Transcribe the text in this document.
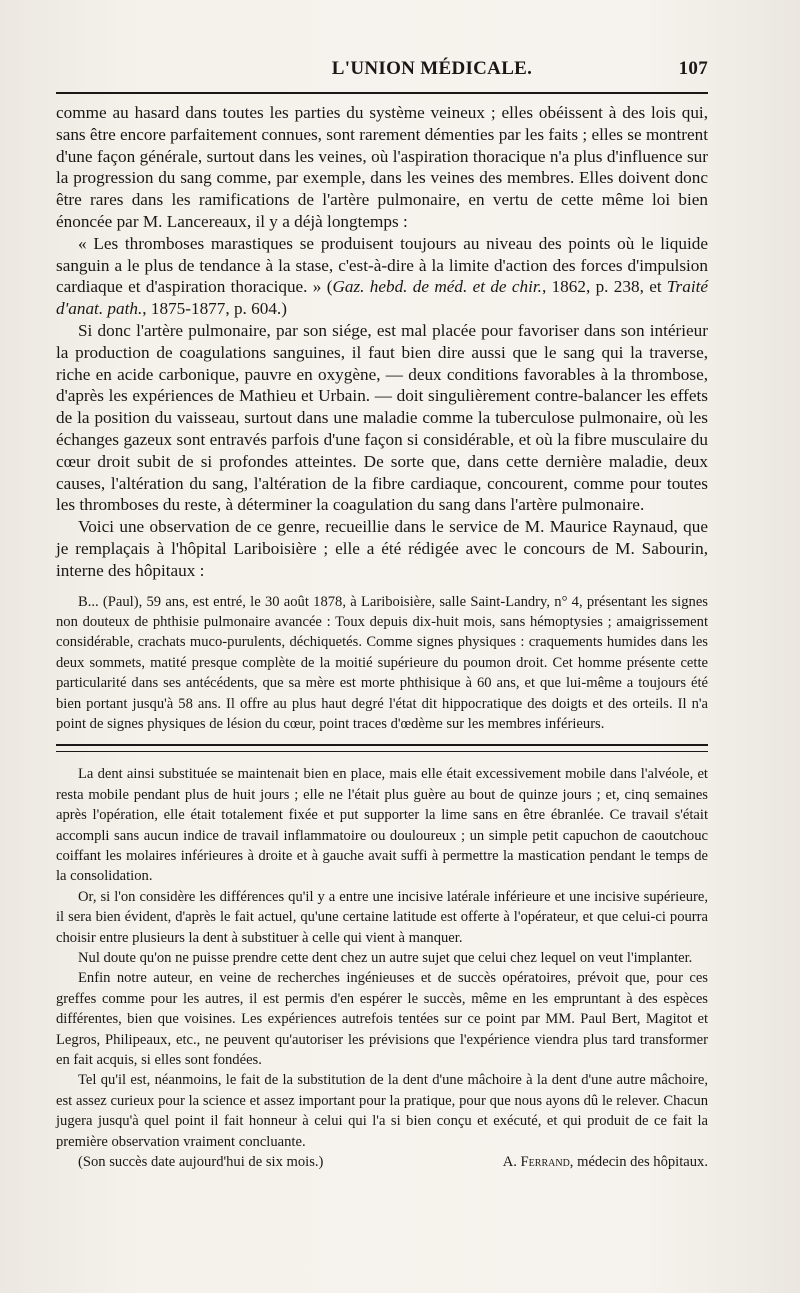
L'UNION MÉDICALE.	107

comme au hasard dans toutes les parties du système veineux ; elles obéissent à des lois qui, sans être encore parfaitement connues, sont rarement démenties par les faits ; elles se montrent d'une façon générale, surtout dans les veines, où l'aspiration thoracique n'a plus d'influence sur la progression du sang comme, par exemple, dans les veines des membres. Elles doivent donc être rares dans les ramifications de l'artère pulmonaire, en vertu de cette même loi bien énoncée par M. Lancereaux, il y a déjà longtemps :

« Les thromboses marastiques se produisent toujours au niveau des points où le liquide sanguin a le plus de tendance à la stase, c'est-à-dire à la limite d'action des forces d'impulsion cardiaque et d'aspiration thoracique. » (Gaz. hebd. de méd. et de chir., 1862, p. 238, et Traité d'anat. path., 1875-1877, p. 604.)

Si donc l'artère pulmonaire, par son siége, est mal placée pour favoriser dans son intérieur la production de coagulations sanguines, il faut bien dire aussi que le sang qui la traverse, riche en acide carbonique, pauvre en oxygène, — deux conditions favorables à la thrombose, d'après les expériences de Mathieu et Urbain. — doit singulièrement contre-balancer les effets de la position du vaisseau, surtout dans une maladie comme la tuberculose pulmonaire, où les échanges gazeux sont entravés parfois d'une façon si considérable, et où la fibre musculaire du cœur droit subit de si profondes atteintes. De sorte que, dans cette dernière maladie, deux causes, l'altération du sang, l'altération de la fibre cardiaque, concourent, comme pour toutes les thromboses du reste, à déterminer la coagulation du sang dans l'artère pulmonaire.

Voici une observation de ce genre, recueillie dans le service de M. Maurice Raynaud, que je remplaçais à l'hôpital Lariboisière ; elle a été rédigée avec le concours de M. Sabourin, interne des hôpitaux :

B... (Paul), 59 ans, est entré, le 30 août 1878, à Lariboisière, salle Saint-Landry, n° 4, présentant les signes non douteux de phthisie pulmonaire avancée : Toux depuis dix-huit mois, sans hémoptysies ; amaigrissement considérable, crachats muco-purulents, déchiquetés. Comme signes physiques : craquements humides dans les deux sommets, matité presque complète de la moitié supérieure du poumon droit. Cet homme présente cette particularité dans ses antécédents, que sa mère est morte phthisique à 60 ans, et que lui-même a toujours été bien portant jusqu'à 58 ans. Il offre au plus haut degré l'état dit hippocratique des doigts et des orteils. Il n'a point de signes physiques de lésion du cœur, point traces d'œdème sur les membres inférieurs.

La dent ainsi substituée se maintenait bien en place, mais elle était excessivement mobile dans l'alvéole, et resta mobile pendant plus de huit jours ; elle ne l'était plus guère au bout de quinze jours ; et, cinq semaines après l'opération, elle était totalement fixée et put supporter la lime sans en être ébranlée. Ce travail s'était accompli sans aucun indice de travail inflammatoire ou douloureux ; un simple petit capuchon de caoutchouc coiffant les molaires inférieures à droite et à gauche avait suffi à permettre la mastication pendant le temps de la consolidation.

Or, si l'on considère les différences qu'il y a entre une incisive latérale inférieure et une incisive supérieure, il sera bien évident, d'après le fait actuel, qu'une certaine latitude est offerte à l'opérateur, et que celui-ci pourra choisir entre plusieurs la dent à substituer à celle qui vient à manquer.

Nul doute qu'on ne puisse prendre cette dent chez un autre sujet que celui chez lequel on veut l'implanter.

Enfin notre auteur, en veine de recherches ingénieuses et de succès opératoires, prévoit que, pour ces greffes comme pour les autres, il est permis d'en espérer le succès, même en les empruntant à des espèces différentes, bien que voisines. Les expériences autrefois tentées sur ce point par MM. Paul Bert, Magitot et Legros, Philipeaux, etc., ne peuvent qu'autoriser les prévisions que l'expérience viendra plus tard transformer en fait acquis, si elles sont fondées.

Tel qu'il est, néanmoins, le fait de la substitution de la dent d'une mâchoire à la dent d'une autre mâchoire, est assez curieux pour la science et assez important pour la pratique, pour que nous ayons dû le relever. Chacun jugera jusqu'à quel point il fait honneur à celui qui l'a si bien conçu et exécuté, et qui produit de ce fait la première observation vraiment concluante.

(Son succès date aujourd'hui de six mois.)	A. Ferrand, médecin des hôpitaux.
